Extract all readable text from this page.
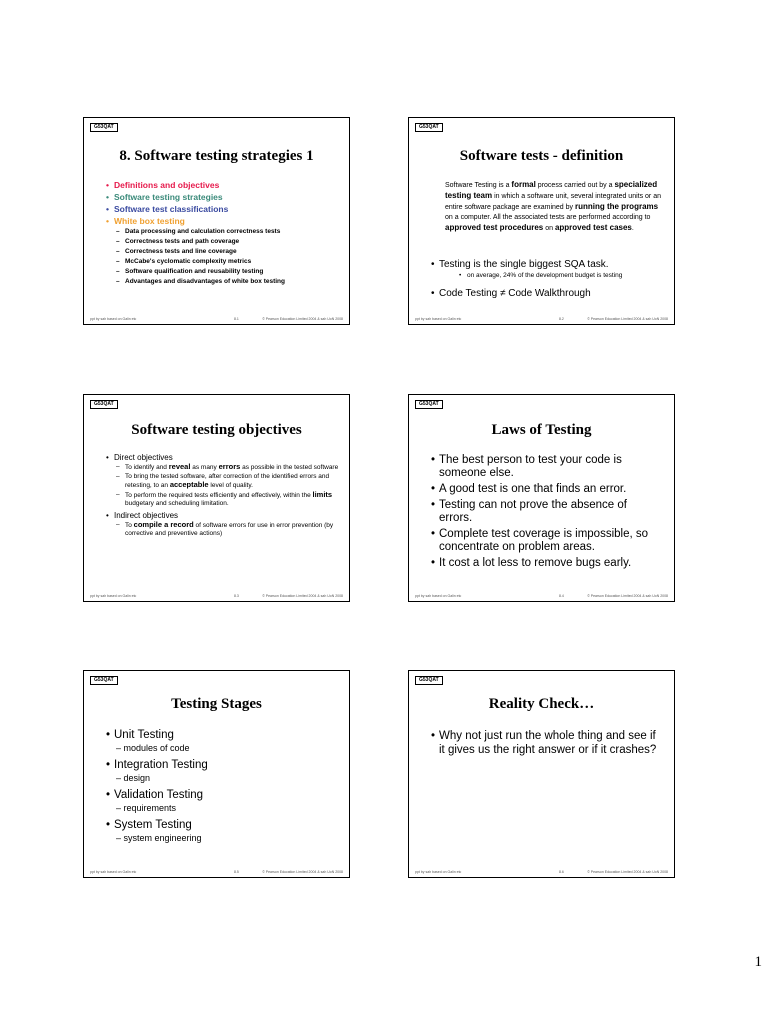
G53QAT
8. Software testing strategies 1
• Definitions and objectives
• Software testing strategies
• Software test classifications
• White box testing
– Data processing and calculation correctness tests
– Correctness tests and path coverage
– Correctness tests and line coverage
– McCabe's cyclomatic complexity metrics
– Software qualification and reusability testing
– Advantages and disadvantages of white box testing
ppt by sah based on Galin etc	8.1	© Pearson Education Limited 2004 & sah UoN 2008
G53QAT
Software tests - definition
Software Testing is a formal process carried out by a specialized testing team in which a software unit, several integrated units or an entire software package are examined by running the programs on a computer. All the associated tests are performed according to approved test procedures on approved test cases.
• Testing is the single biggest SQA task.
• on average, 24% of the development budget is testing
• Code Testing ≠ Code Walkthrough
ppt by sah based on Galin etc	8.2	© Pearson Education Limited 2004 & sah UoN 2008
G53QAT
Software testing objectives
• Direct objectives
– To identify and reveal as many errors as possible in the tested software
– To bring the tested software, after correction of the identified errors and retesting, to an acceptable level of quality.
– To perform the required tests efficiently and effectively, within the limits budgetary and scheduling limitation.
• Indirect objectives
– To compile a record of software errors for use in error prevention (by corrective and preventive actions)
ppt by sah based on Galin etc	8.3	© Pearson Education Limited 2004 & sah UoN 2008
G53QAT
Laws of Testing
• The best person to test your code is someone else.
• A good test is one that finds an error.
• Testing can not prove the absence of errors.
• Complete test coverage is impossible, so concentrate on problem areas.
• It cost a lot less to remove bugs early.
ppt by sah based on Galin etc	8.4	© Pearson Education Limited 2004 & sah UoN 2008
G53QAT
Testing Stages
• Unit Testing
– modules of code
• Integration Testing
– design
• Validation Testing
– requirements
• System Testing
– system engineering
ppt by sah based on Galin etc	8.5	© Pearson Education Limited 2004 & sah UoN 2008
G53QAT
Reality Check…
• Why not just run the whole thing and see if it gives us the right answer or if it crashes?
ppt by sah based on Galin etc	8.6	© Pearson Education Limited 2004 & sah UoN 2008
1
